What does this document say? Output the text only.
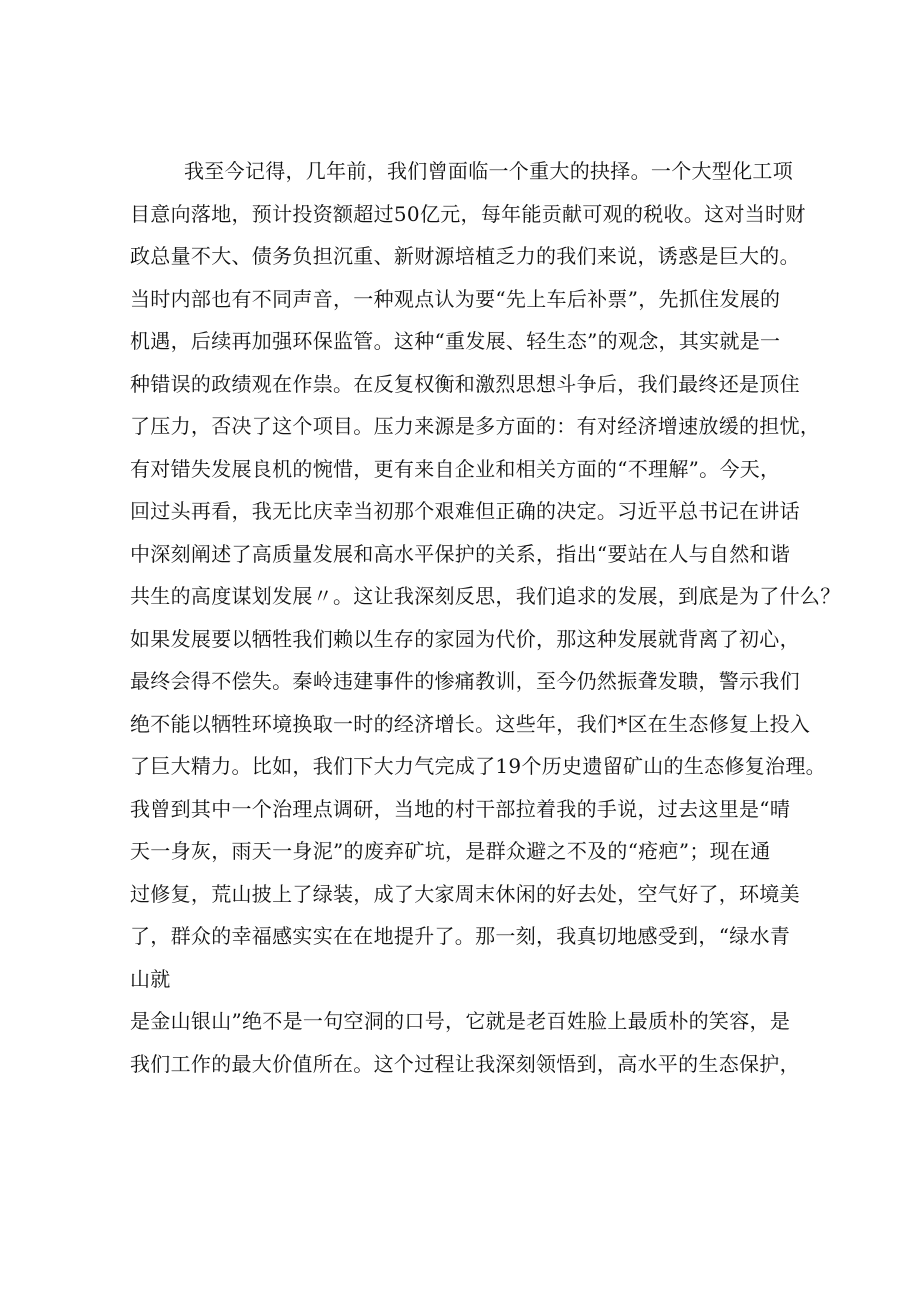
我至今记得，几年前，我们曾面临一个重大的抉择。一个大型化工项
目意向落地，预计投资额超过50亿元，每年能贡献可观的税收。这对当时财
政总量不大、债务负担沉重、新财源培植乏力的我们来说，诱惑是巨大的。
当时内部也有不同声音，一种观点认为要“先上车后补票”，先抓住发展的
机遇，后续再加强环保监管。这种“重发展、轻生态”的观念，其实就是一
种错误的政绩观在作祟。在反复权衡和激烈思想斗争后，我们最终还是顶住
了压力，否决了这个项目。压力来源是多方面的：有对经济增速放缓的担忧，
有对错失发展良机的惋惜，更有来自企业和相关方面的“不理解”。今天，
回过头再看，我无比庆幸当初那个艰难但正确的决定。习近平总书记在讲话
中深刻阐述了高质量发展和高水平保护的关系，指出“要站在人与自然和谐
共生的高度谋划发展〃。这让我深刻反思，我们追求的发展，到底是为了什么？
如果发展要以牺牲我们赖以生存的家园为代价，那这种发展就背离了初心，
最终会得不偿失。秦岭违建事件的惨痛教训，至今仍然振聋发聩，警示我们
绝不能以牺牲环境换取一时的经济增长。这些年，我们*区在生态修复上投入
了巨大精力。比如，我们下大力气完成了19个历史遗留矿山的生态修复治理。
我曾到其中一个治理点调研，当地的村干部拉着我的手说，过去这里是“晴
天一身灰，雨天一身泥”的废弃矿坑，是群众避之不及的“疮疤”；现在通
过修复，荒山披上了绿装，成了大家周末休闲的好去处，空气好了，环境美
了，群众的幸福感实实在在地提升了。那一刻，我真切地感受到，“绿水青
山就
是金山银山”绝不是一句空洞的口号，它就是老百姓脸上最质朴的笑容，是
我们工作的最大价值所在。这个过程让我深刻领悟到，高水平的生态保护，
